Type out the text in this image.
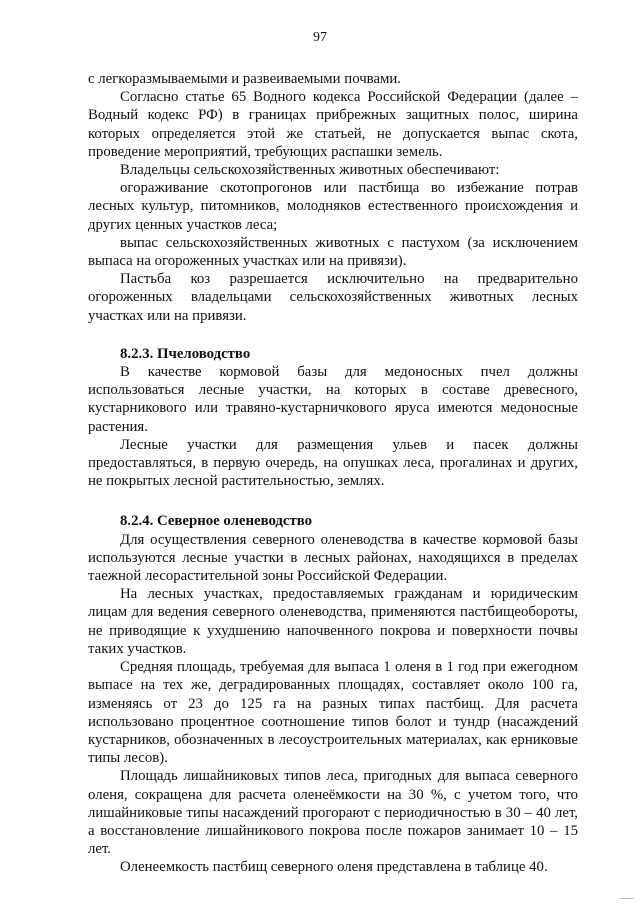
97

с легкоразмываемыми и развеиваемыми почвами.

Согласно статье 65 Водного кодекса Российской Федерации (далее – Водный кодекс РФ) в границах прибрежных защитных полос, ширина которых определяется этой же статьей, не допускается выпас скота, проведение мероприятий, требующих распашки земель.

Владельцы сельскохозяйственных животных обеспечивают:

огораживание скотопрогонов или пастбища во избежание потрав лесных культур, питомников, молодняков естественного происхождения и других ценных участков леса;

выпас сельскохозяйственных животных с пастухом (за исключением выпаса на огороженных участках или на привязи).

Пастьба коз разрешается исключительно на предварительно огороженных владельцами сельскохозяйственных животных лесных участках или на привязи.

8.2.3. Пчеловодство

В качестве кормовой базы для медоносных пчел должны использоваться лесные участки, на которых в составе древесного, кустарникового или травяно-кустарничкового яруса имеются медоносные растения.

Лесные участки для размещения ульев и пасек должны предоставляться, в первую очередь, на опушках леса, прогалинах и других, не покрытых лесной растительностью, землях.

8.2.4. Северное оленеводство

Для осуществления северного оленеводства в качестве кормовой базы используются лесные участки в лесных районах, находящихся в пределах таежной лесорастительной зоны Российской Федерации.

На лесных участках, предоставляемых гражданам и юридическим лицам для ведения северного оленеводства, применяются пастбищеобороты, не приводящие к ухудшению напочвенного покрова и поверхности почвы таких участков.

Средняя площадь, требуемая для выпаса 1 оленя в 1 год при ежегодном выпасе на тех же, деградированных площадях, составляет около 100 га, изменяясь от 23 до 125 га на разных типах пастбищ. Для расчета использовано процентное соотношение типов болот и тундр (насаждений кустарников, обозначенных в лесоустроительных материалах, как ерниковые типы лесов).

Площадь лишайниковых типов леса, пригодных для выпаса северного оленя, сокращена для расчета оленеёмкости на 30 %, с учетом того, что лишайниковые типы насаждений прогорают с периодичностью в 30 – 40 лет, а восстановление лишайникового покрова после пожаров занимает 10 – 15 лет.

Оленеемкость пастбищ северного оленя представлена в таблице 40.
